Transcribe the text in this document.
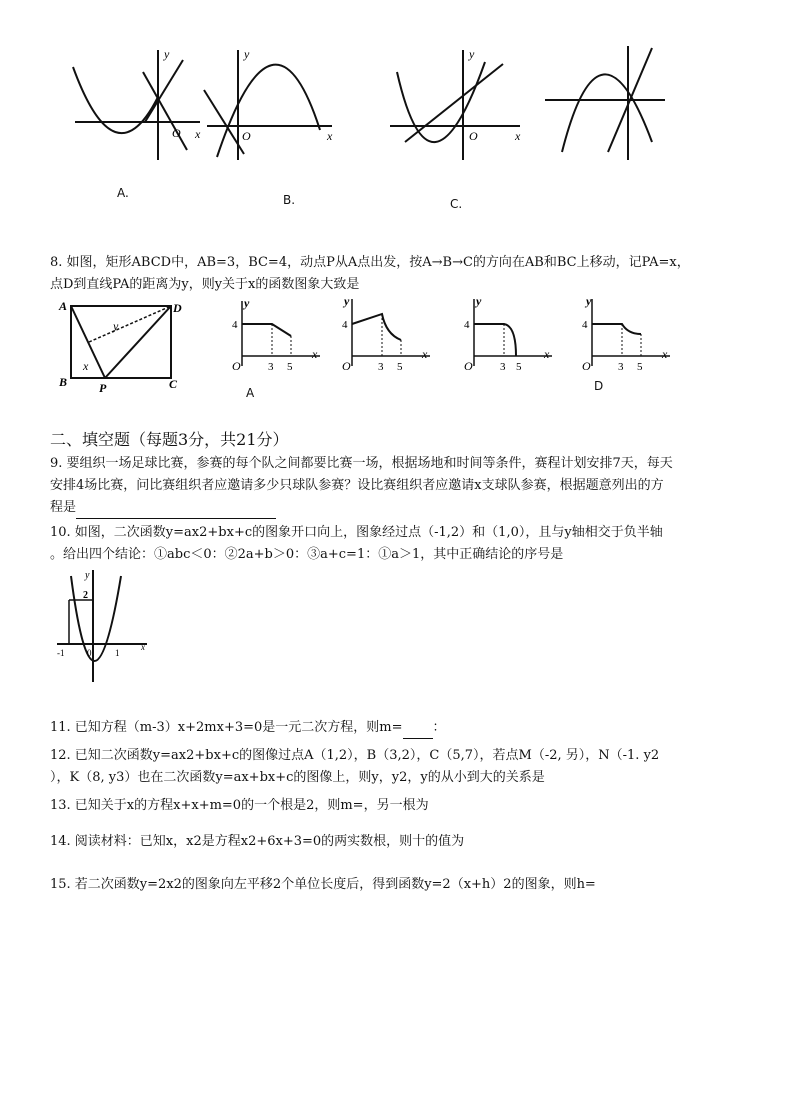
y
x
O
A.
y
x
O
B.
y
x
O
C.
8. 如图，矩形ABCD中，AB=3，BC=4，动点P从A点出发，按A→B→C的方向在AB和BC上移动，记PA=x，
点D到直线PA的距离为y，则y关于x的函数图象大致是
A	D
B	P	C
x
y
y
4
O 3 5
x
A
y
4
O 3 5
x
y
4
O 3 5
x
y
4
O 3 5
x
D
二、填空题（每题3分，共21分）
9. 要组织一场足球比赛，参赛的每个队之间都要比赛一场，根据场地和时间等条件，赛程计划安排7天，每天
安排4场比赛，问比赛组织者应邀请多少只球队参赛？设比赛组织者应邀请x支球队参赛，根据题意列出的方
程是
10. 如图，二次函数y=ax2+bx+c的图象开口向上，图象经过点（-1,2）和（1,0），且与y轴相交于负半轴
。给出四个结论：①abc＜0：②2a+b＞0：③a+c=1：①a＞1，其中正确结论的序号是
y
2
-1	0	1
x
11. 已知方程（m-3）x+2mx+3=0是一元二次方程，则m= ：
12. 已知二次函数y=ax2+bx+c的图像过点A（1,2），B（3,2），C（5,7），若点M（-2, 另），N（-1. y2
），K（8, y3）也在二次函数y=ax+bx+c的图像上，则y，y2，y的从小到大的关系是
13. 已知关于x的方程x+x+m=0的一个根是2，则m=，另一根为
14. 阅读材料：已知x，x2是方程x2+6x+3=0的两实数根，则十的值为
15. 若二次函数y=2x2的图象向左平移2个单位长度后，得到函数y=2（x+h）2的图象，则h=
